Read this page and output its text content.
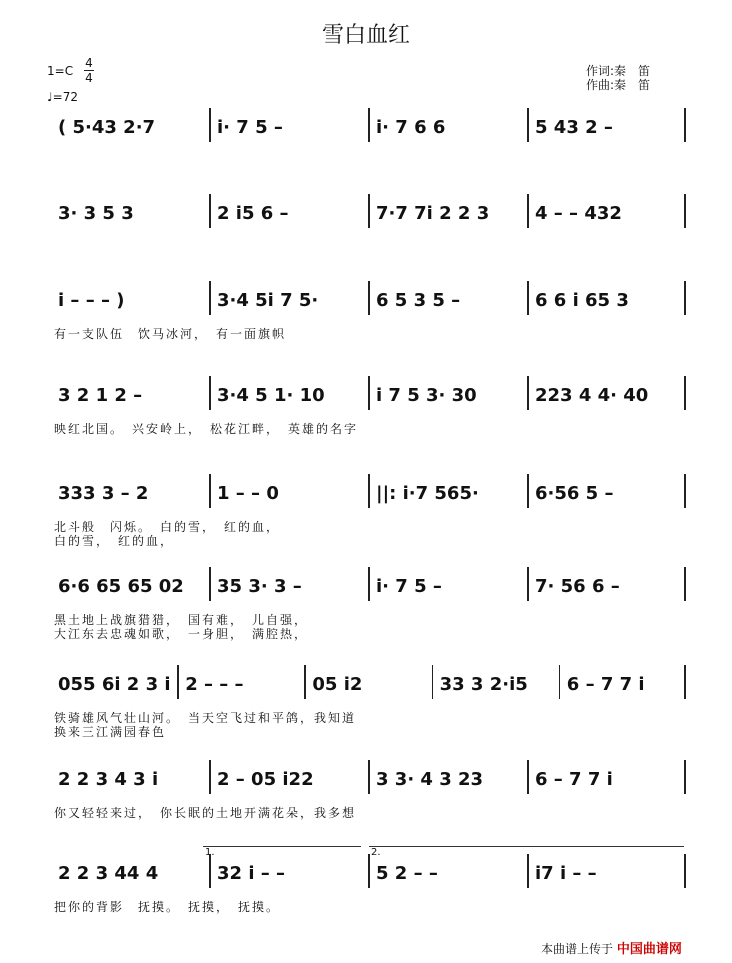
雪白血红
1=C
4
4
♩=72
作词:秦　笛
作曲:秦　笛
( 5·43 2·7	i· 7 5 –	i· 7 6 6	5 43 2 –
3· 3 5 3	2 i5 6 –	7·7 7i 2 2 3	4 – – 432
i – – – )	3·4 5i 7 5·	6 5 3 5 –	6 6 i 65 3
有一支队伍　饮马冰河，　有一面旗帜
3 2 1 2 –	3·4 5 1· 10	i 7 5 3· 30	223 4 4· 40
映红北国。　兴安岭上，　松花江畔，　英雄的名字
333 3 – 2	1 – – 0	||: i·7 565·	6·56 5 –
北斗般　闪烁。　白的雪，　红的血，
白的雪，　红的血，
6·6 65 65 02	35 3· 3 –	i· 7 5 –	7· 56 6 –
黑土地上战旗猎猎，　国有难，　儿自强，
大江东去忠魂如歌，　一身胆，　满腔热，
055 6i 2 3 i 2 – – –	05 i2	33 3 2·i5	6 – 7 7 i
铁骑雄风气壮山河。　当天空飞过和平鸽，我知道
换来三江满园春色
2 2 3 4 3 i	2 – 05 i22	3 3· 4 3 23	6 – 7 7 i
你又轻轻来过，　你长眠的土地开满花朵，我多想
2 2 3 44 4	32 i – –	5 2 – –	i7 i – –
把你的背影　抚摸。　抚摸，　抚摸。
1.	2.
本曲谱上传于 中国曲谱网
